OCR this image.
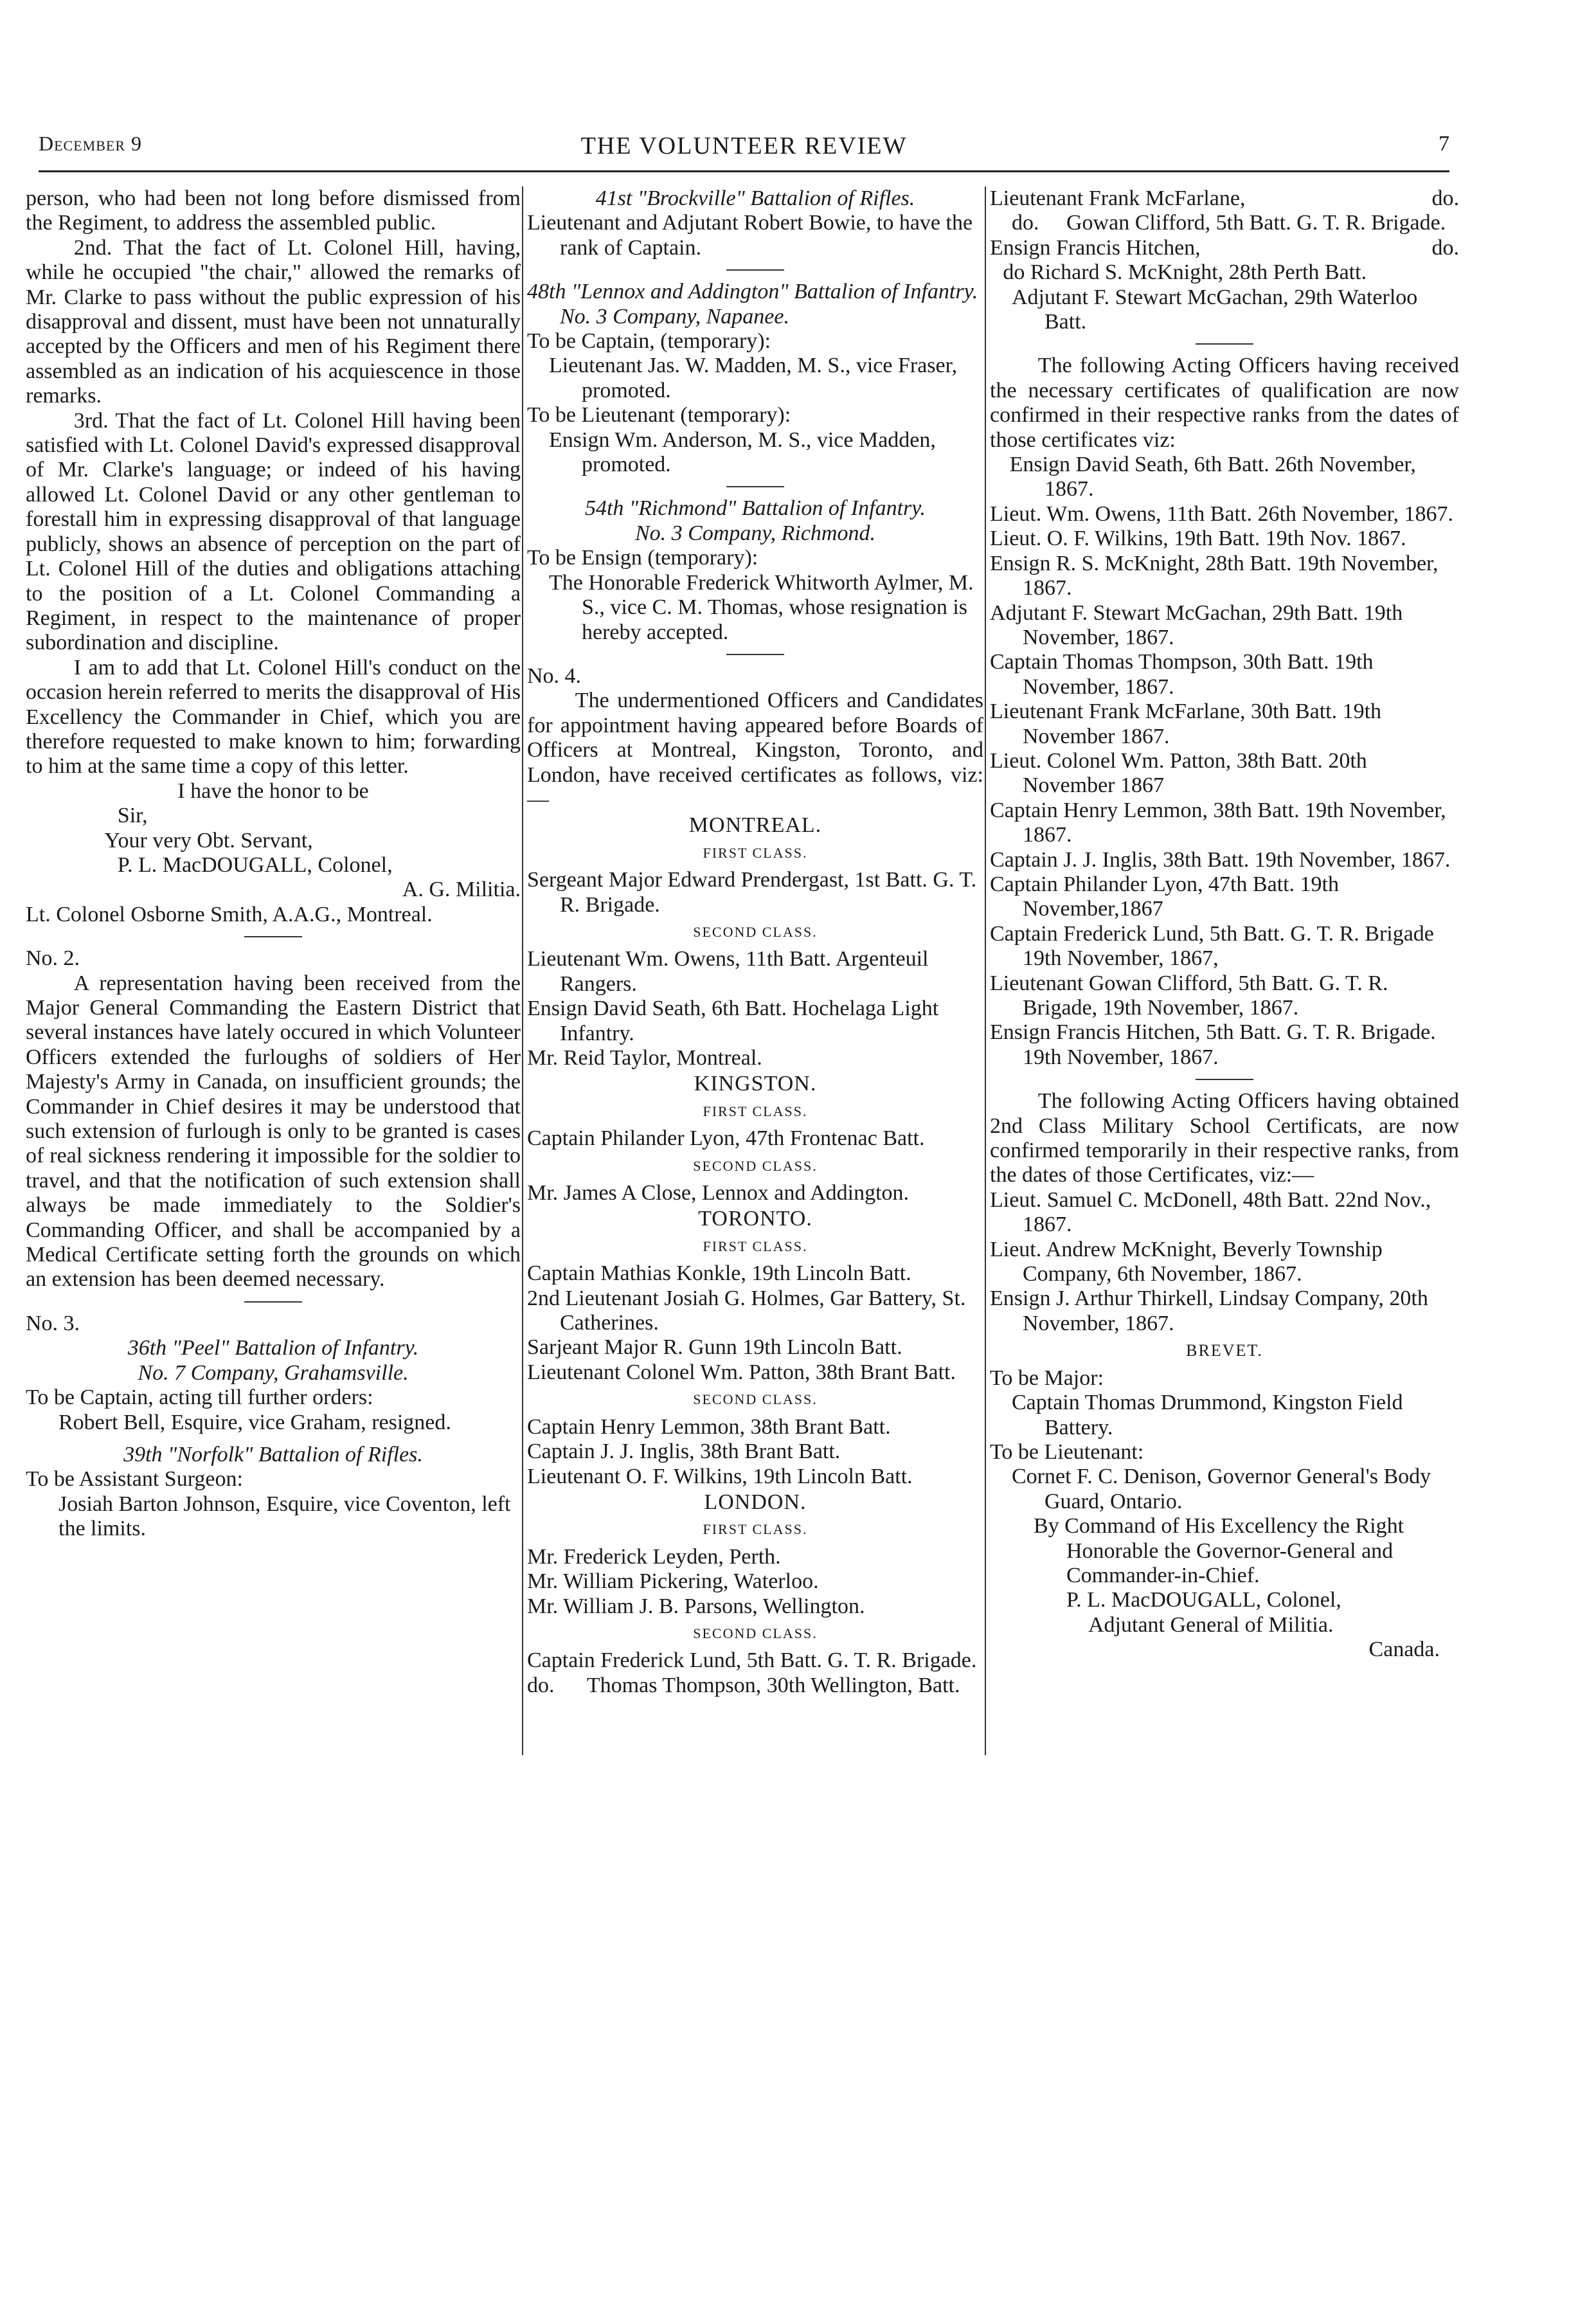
December 9	THE VOLUNTEER REVIEW	7

person, who had been not long before dismissed from the Regiment, to address the assembled public.

2nd. That the fact of Lt. Colonel Hill, having, while he occupied "the chair," allowed the remarks of Mr. Clarke to pass without the public expression of his disapproval and dissent, must have been not unnaturally accepted by the Officers and men of his Regiment there assembled as an indication of his acquiescence in those remarks.

3rd. That the fact of Lt. Colonel Hill having been satisfied with Lt. Colonel David's expressed disapproval of Mr. Clarke's language; or indeed of his having allowed Lt. Colonel David or any other gentleman to forestall him in expressing disapproval of that language publicly, shows an absence of perception on the part of Lt. Colonel Hill of the duties and obligations attaching to the position of a Lt. Colonel Commanding a Regiment, in respect to the maintenance of proper subordination and discipline.

I am to add that Lt. Colonel Hill's conduct on the occasion herein referred to merits the disapproval of His Excellency the Commander in Chief, which you are therefore requested to make known to him; forwarding to him at the same time a copy of this letter.

I have the honor to be

Sir,

Your very Obt. Servant,

P. L. MacDOUGALL, Colonel,

A. G. Militia.

Lt. Colonel Osborne Smith, A.A.G., Montreal.

No. 2.

A representation having been received from the Major General Commanding the Eastern District that several instances have lately occured in which Volunteer Officers extended the furloughs of soldiers of Her Majesty's Army in Canada, on insufficient grounds; the Commander in Chief desires it may be understood that such extension of furlough is only to be granted is cases of real sickness rendering it impossible for the soldier to travel, and that the notification of such extension shall always be made immediately to the Soldier's Commanding Officer, and shall be accompanied by a Medical Certificate setting forth the grounds on which an extension has been deemed necessary.

No. 3.

36th "Peel" Battalion of Infantry.

No. 7 Company, Grahamsville.

To be Captain, acting till further orders:

Robert Bell, Esquire, vice Graham, resigned.

39th "Norfolk" Battalion of Rifles.

To be Assistant Surgeon:

Josiah Barton Johnson, Esquire, vice Coventon, left the limits.

41st "Brockville" Battalion of Rifles.

Lieutenant and Adjutant Robert Bowie, to have the rank of Captain.

48th "Lennox and Addington" Battalion of Infantry. No. 3 Company, Napanee.

To be Captain, (temporary):

Lieutenant Jas. W. Madden, M. S., vice Fraser, promoted.

To be Lieutenant (temporary):

Ensign Wm. Anderson, M. S., vice Madden, promoted.

54th "Richmond" Battalion of Infantry.

No. 3 Company, Richmond.

To be Ensign (temporary):

The Honorable Frederick Whitworth Aylmer, M. S., vice C. M. Thomas, whose resignation is hereby accepted.

No. 4.

The undermentioned Officers and Candidates for appointment having appeared before Boards of Officers at Montreal, Kingston, Toronto, and London, have received certificates as follows, viz:—

MONTREAL.

FIRST CLASS.

Sergeant Major Edward Prendergast, 1st Batt. G. T. R. Brigade.

SECOND CLASS.

Lieutenant Wm. Owens, 11th Batt. Argenteuil Rangers.

Ensign David Seath, 6th Batt. Hochelaga Light Infantry.

Mr. Reid Taylor, Montreal.

KINGSTON.

FIRST CLASS.

Captain Philander Lyon, 47th Frontenac Batt.

SECOND CLASS.

Mr. James A Close, Lennox and Addington.

TORONTO.

FIRST CLASS.

Captain Mathias Konkle, 19th Lincoln Batt.

2nd Lieutenant Josiah G. Holmes, Gar Battery, St. Catherines.

Sarjeant Major R. Gunn 19th Lincoln Batt.

Lieutenant Colonel Wm. Patton, 38th Brant Batt.

SECOND CLASS.

Captain Henry Lemmon, 38th Brant Batt.

Captain J. J. Inglis, 38th Brant Batt.

Lieutenant O. F. Wilkins, 19th Lincoln Batt.

LONDON.

FIRST CLASS.

Mr. Frederick Leyden, Perth.

Mr. William Pickering, Waterloo.

Mr. William J. B. Parsons, Wellington.

SECOND CLASS.

Captain Frederick Lund, 5th Batt. G. T. R. Brigade.

do.      Thomas Thompson, 30th Wellington, Batt.

Lieutenant Frank McFarlane,	do.

do.     Gowan Clifford, 5th Batt. G. T. R. Brigade.

Ensign Francis Hitchen,	do.

do Richard S. McKnight, 28th Perth Batt.

Adjutant F. Stewart McGachan, 29th Waterloo Batt.

The following Acting Officers having received the necessary certificates of qualification are now confirmed in their respective ranks from the dates of those certificates viz:

Ensign David Seath, 6th Batt. 26th November, 1867.

Lieut. Wm. Owens, 11th Batt. 26th November, 1867.

Lieut. O. F. Wilkins, 19th Batt. 19th Nov. 1867.

Ensign R. S. McKnight, 28th Batt. 19th November, 1867.

Adjutant F. Stewart McGachan, 29th Batt. 19th November, 1867.

Captain Thomas Thompson, 30th Batt. 19th November, 1867.

Lieutenant Frank McFarlane, 30th Batt. 19th November 1867.

Lieut. Colonel Wm. Patton, 38th Batt. 20th November 1867

Captain Henry Lemmon, 38th Batt. 19th November, 1867.

Captain J. J. Inglis, 38th Batt. 19th November, 1867.

Captain Philander Lyon, 47th Batt. 19th November,1867

Captain Frederick Lund, 5th Batt. G. T. R. Brigade 19th November, 1867,

Lieutenant Gowan Clifford, 5th Batt. G. T. R. Brigade, 19th November, 1867.

Ensign Francis Hitchen, 5th Batt. G. T. R. Brigade. 19th November, 1867.

The following Acting Officers having obtained 2nd Class Military School Certificats, are now confirmed temporarily in their respective ranks, from the dates of those Certificates, viz:—

Lieut. Samuel C. McDonell, 48th Batt. 22nd Nov., 1867.

Lieut. Andrew McKnight, Beverly Township Company, 6th November, 1867.

Ensign J. Arthur Thirkell, Lindsay Company, 20th November, 1867.

BREVET.

To be Major:

Captain Thomas Drummond, Kingston Field Battery.

To be Lieutenant:

Cornet F. C. Denison, Governor General's Body Guard, Ontario.

By Command of His Excellency the Right Honorable the Governor-General and Commander-in-Chief.

P. L. MacDOUGALL, Colonel,

Adjutant General of Militia.

Canada.
